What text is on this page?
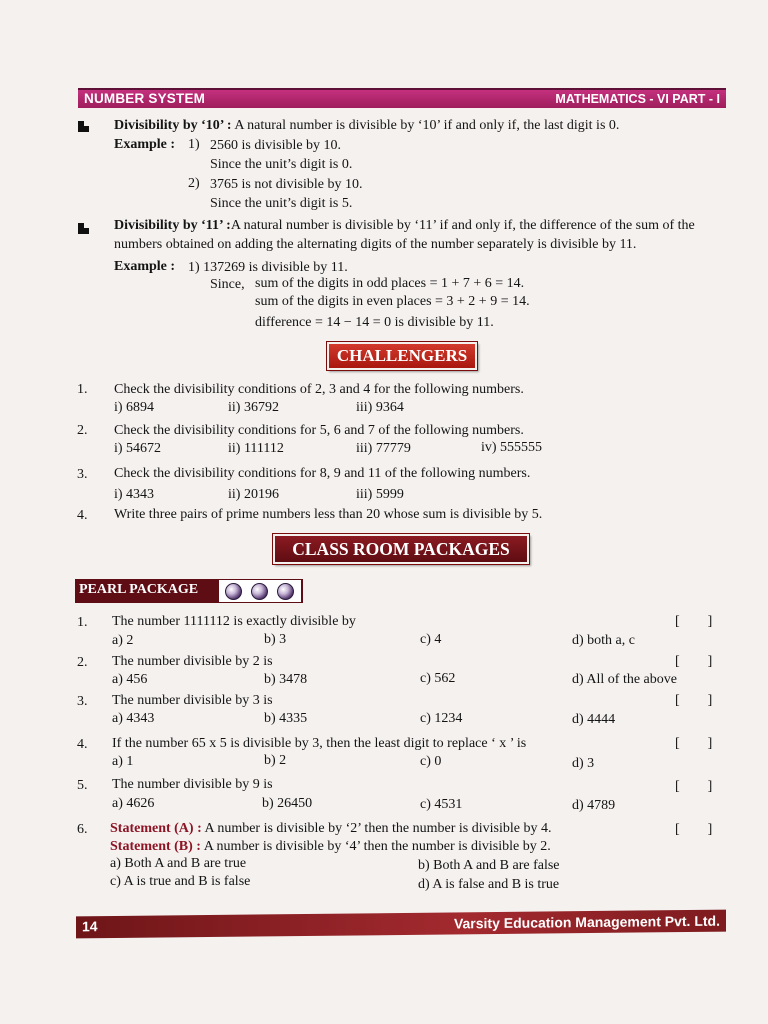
NUMBER SYSTEM	MATHEMATICS - VI PART - I
Divisibility by ‘10’ : A natural number is divisible by ‘10’ if and only if, the last digit is 0.
Example : 1) 2560 is divisible by 10.
Since the unit’s digit is 0.
2) 3765 is not divisible by 10.
Since the unit’s digit is 5.
Divisibility by ‘11’ :A natural number is divisible by ‘11’ if and only if, the difference of the sum of the
numbers obtained on adding the alternating digits of the number separately is divisible by 11.
Example : 1) 137269 is divisible by 11.
Since, sum of the digits in odd places = 1 + 7 + 6 = 14.
sum of the digits in even places = 3 + 2 + 9 = 14.
difference = 14 − 14 = 0 is divisible by 11.
CHALLENGERS
1. Check the divisibility conditions of 2, 3 and 4 for the following numbers.
i) 6894	ii) 36792	iii) 9364
2. Check the divisibility conditions for 5, 6 and 7 of the following numbers.
i) 54672	ii) 111112	iii) 77779	iv) 555555
3. Check the divisibility conditions for 8, 9 and 11 of the following numbers.
i) 4343	ii) 20196	iii) 5999
4. Write three pairs of prime numbers less than 20 whose sum is divisible by 5.
CLASS ROOM PACKAGES
PEARL PACKAGE
1. The number 1111112 is exactly divisible by	[        ]
a) 2	b) 3	c) 4	d) both a, c
2. The number divisible by 2 is	[        ]
a) 456	b) 3478	c) 562	d) All of the above
3. The number divisible by 3 is	[        ]
a) 4343	b) 4335	c) 1234	d) 4444
4. If the number 65 x 5 is divisible by 3, then the least digit to replace ‘ x ’ is	[        ]
a) 1	b) 2	c) 0	d) 3
5. The number divisible by 9 is	[        ]
a) 4626	b) 26450	c) 4531	d) 4789
6. Statement (A) : A number is divisible by ‘2’ then the number is divisible by 4.	[        ]
Statement (B) : A number is divisible by ‘4’ then the number is divisible by 2.
a) Both A and B are true	b) Both A and B are false
c) A is true and B is false	d) A is false and B is true
14	Varsity Education Management Pvt. Ltd.
